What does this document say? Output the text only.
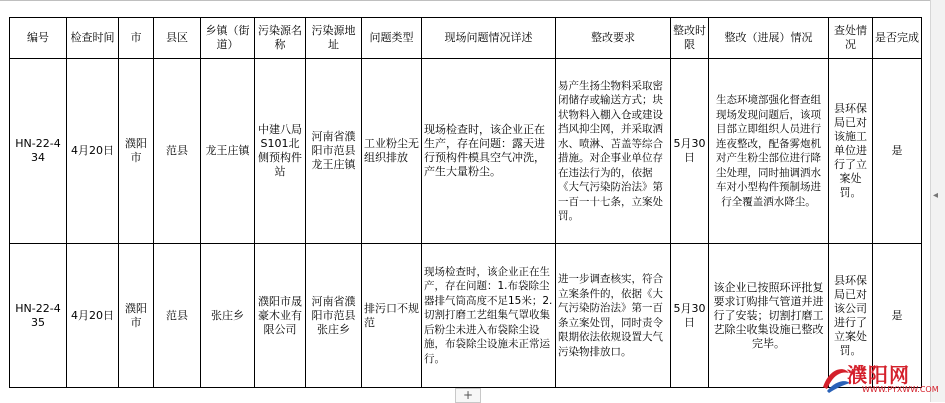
编号	检查时间	市	县区	乡镇（街道）	污染源名称	污染源地址	问题类型	现场问题情况详述	整改要求	整改时限	整改（进展）情况	查处情况	是否完成
HN-22-434	4月20日	濮阳市	范县	龙王庄镇	中建八局S101北侧预构件站	河南省濮阳市范县龙王庄镇	工业粉尘无组织排放	现场检查时，该企业正在生产，存在问题：露天进行预构件模具空气冲洗，产生大量粉尘。	易产生扬尘物料采取密闭储存或输送方式；块状物料入棚入仓或建设挡风抑尘网，并采取洒水、喷淋、苫盖等综合措施。对企事业单位存在违法行为的，依据《大气污染防治法》第一百一十七条，立案处罚。	5月30日	生态环境部强化督查组现场发现问题后，该项目部立即组织人员进行连夜整改，配备雾炮机对产生粉尘部位进行降尘处理，同时抽调洒水车对小型构件预制场进行全覆盖洒水降尘。	县环保局已对该施工单位进行了立案处罚。	是
HN-22-435	4月20日	濮阳市	范县	张庄乡	濮阳市晟豪木业有限公司	河南省濮阳市范县张庄乡	排污口不规范	现场检查时，该企业正在生产，存在问题：1.布袋除尘器排气筒高度不足15米；2.切割打磨工艺组集气罩收集后粉尘未进入布袋除尘设施，布袋除尘设施未正常运行。	进一步调查核实，符合立案条件的，依据《大气污染防治法》第一百条立案处罚，同时责令限期依法依规设置大气污染物排放口。	5月30日	该企业已按照环评批复要求订购排气管道并进行了安装；切割打磨工艺除尘收集设施已整改完毕。	县环保局已对该公司进行了立案处罚。	是
+
◂
濮阳网
WWW.PYXWW.COM
